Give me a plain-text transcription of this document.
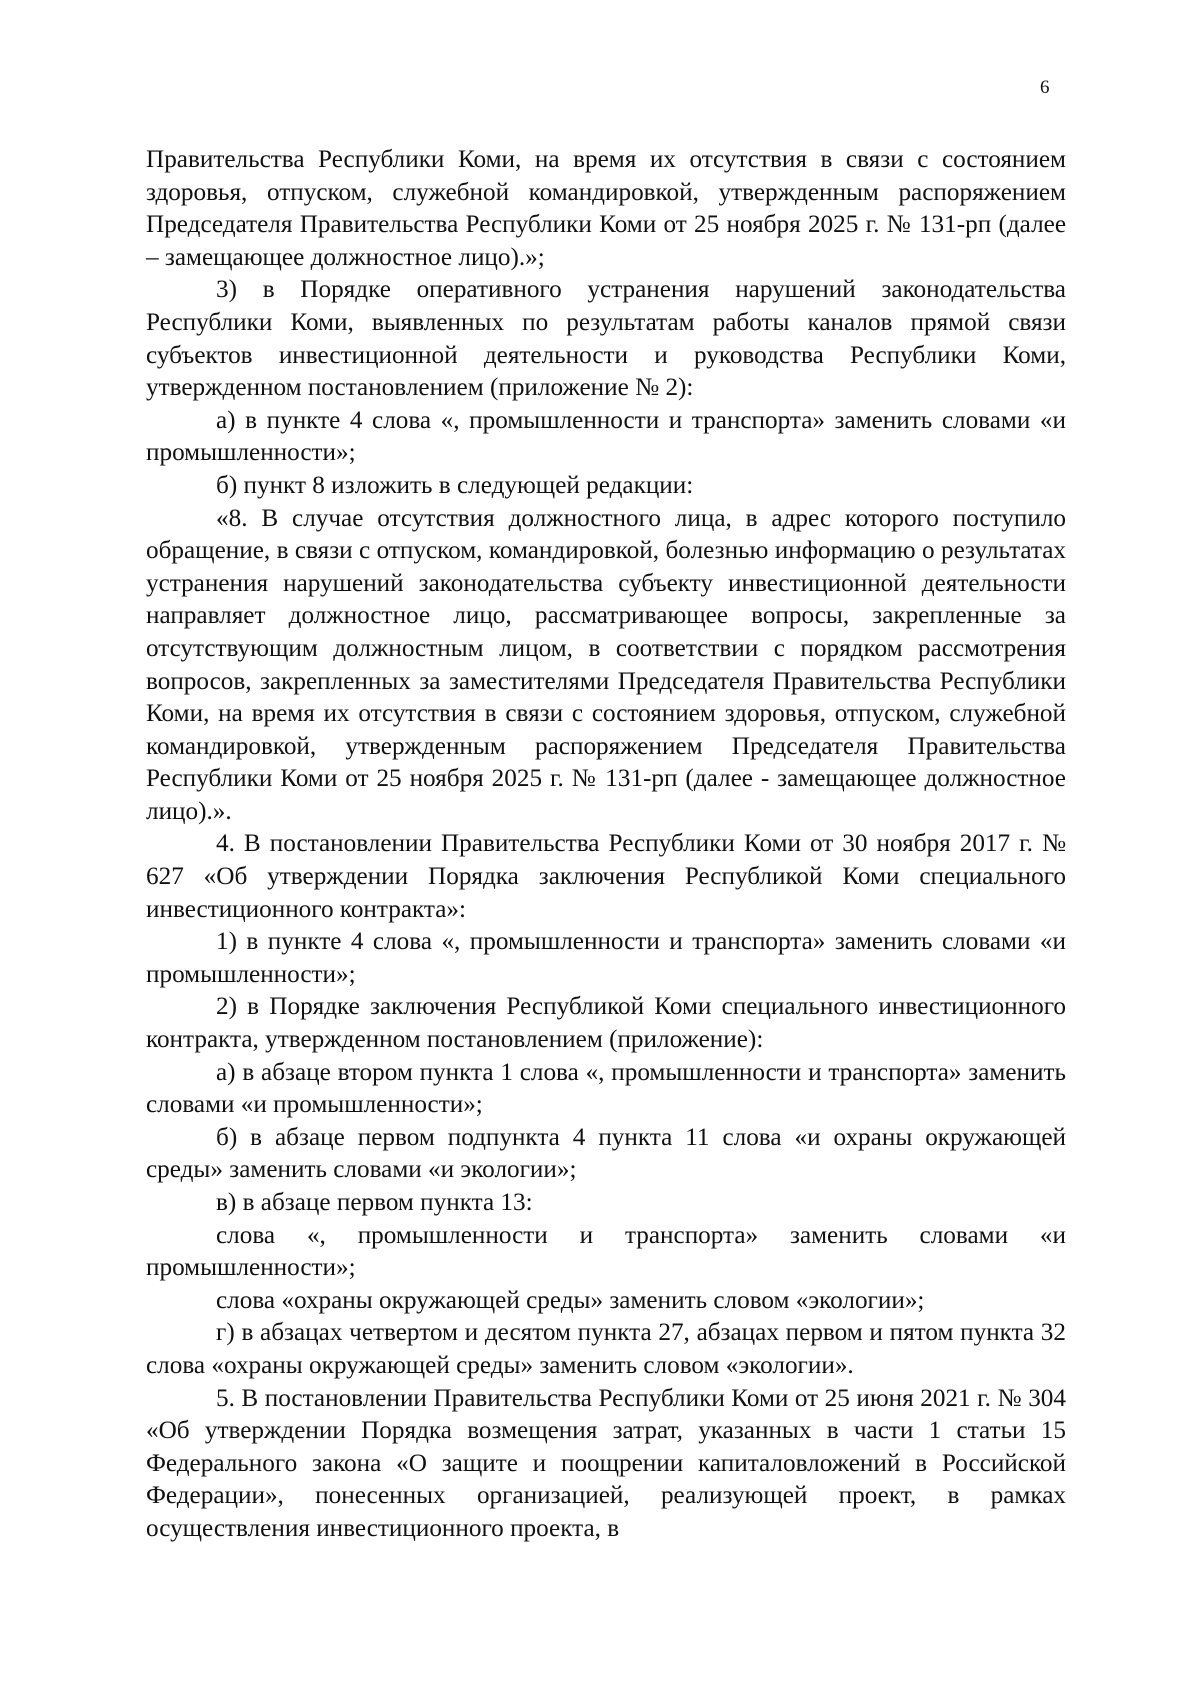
6

Правительства Республики Коми, на время их отсутствия в связи с состоянием здоровья, отпуском, служебной командировкой, утвержденным распоряжением Председателя Правительства Республики Коми от 25 ноября 2025 г. № 131-рп (далее – замещающее должностное лицо).»;

3) в Порядке оперативного устранения нарушений законодательства Республики Коми, выявленных по результатам работы каналов прямой связи субъектов инвестиционной деятельности и руководства Республики Коми, утвержденном постановлением (приложение № 2):

а) в пункте 4 слова «, промышленности и транспорта» заменить словами «и промышленности»;

б) пункт 8 изложить в следующей редакции:

«8. В случае отсутствия должностного лица, в адрес которого поступило обращение, в связи с отпуском, командировкой, болезнью информацию о результатах устранения нарушений законодательства субъекту инвестиционной деятельности направляет должностное лицо, рассматривающее вопросы, закрепленные за отсутствующим должностным лицом, в соответствии с порядком рассмотрения вопросов, закрепленных за заместителями Председателя Правительства Республики Коми, на время их отсутствия в связи с состоянием здоровья, отпуском, служебной командировкой, утвержденным распоряжением Председателя Правительства Республики Коми от 25 ноября 2025 г. № 131-рп (далее - замещающее должностное лицо).».

4. В постановлении Правительства Республики Коми от 30 ноября 2017 г. № 627 «Об утверждении Порядка заключения Республикой Коми специального инвестиционного контракта»:

1) в пункте 4 слова «, промышленности и транспорта» заменить словами «и промышленности»;

2) в Порядке заключения Республикой Коми специального инвестиционного контракта, утвержденном постановлением (приложение):

а) в абзаце втором пункта 1 слова «, промышленности и транспорта» заменить словами «и промышленности»;

б) в абзаце первом подпункта 4 пункта 11 слова «и охраны окружающей среды» заменить словами «и экологии»;

в) в абзаце первом пункта 13:

слова «, промышленности и транспорта» заменить словами «и промышленности»;

слова «охраны окружающей среды» заменить словом «экологии»;

г) в абзацах четвертом и десятом пункта 27, абзацах первом и пятом пункта 32 слова «охраны окружающей среды» заменить словом «экологии».

5. В постановлении Правительства Республики Коми от 25 июня 2021 г. № 304 «Об утверждении Порядка возмещения затрат, указанных в части 1 статьи 15 Федерального закона «О защите и поощрении капиталовложений в Российской Федерации», понесенных организацией, реализующей проект, в рамках осуществления инвестиционного проекта, в
